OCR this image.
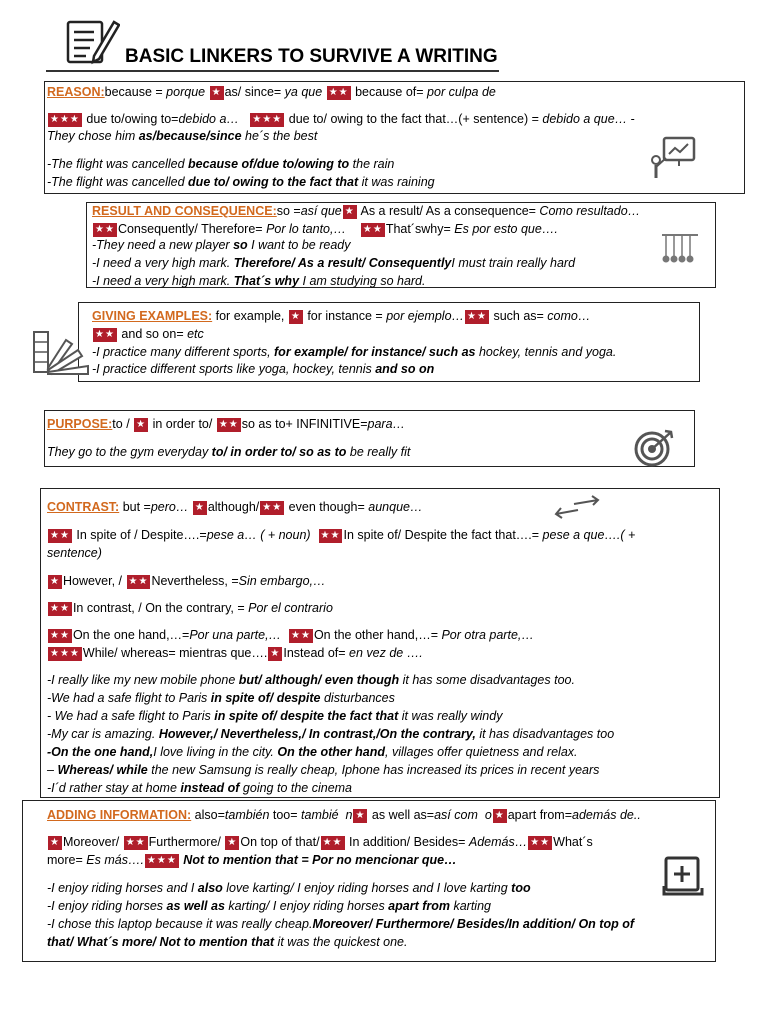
BASIC LINKERS TO SURVIVE A WRITING
REASON:because = porque ★ as/ since= ya que ★★ because of= por culpa de
★★★ due to/owing to=debido a… ★★★ due to/ owing to the fact that…(+ sentence) = debido a que… -
They chose him as/because/since he´s the best
-The flight was cancelled because of/due to/owing to the rain
-The flight was cancelled due to/ owing to the fact that it was raining
RESULT AND CONSEQUENCE:so =así que ★ As a result/ As a consequence= Como resultado…
★★ Consequently/ Therefore= Por lo tanto,… ★★ That´swhy= Es por esto que….
-They need a new player so I want to be ready
-I need a very high mark. Therefore/ As a result/ ConsequentlyI must train really hard
-I need a very high mark. That´s why I am studying so hard.
GIVING EXAMPLES: for example, ★ for instance = por ejemplo… ★★ such as= como…
★★ and so on= etc
-I practice many different sports, for example/ for instance/ such as hockey, tennis and yoga.
-I practice different sports like yoga, hockey, tennis and so on
PURPOSE:to / ★ in order to/ ★★ so as to+ INFINITIVE=para…
They go to the gym everyday to/ in order to/ so as to be really fit
CONTRAST: but =pero… ★ although/ ★★ even though= aunque…
★★ In spite of / Despite….=pese a… ( + noun) ★★ In spite of/ Despite the fact that….= pese a que….( +
sentence)
★ However, / ★★ Nevertheless, =Sin embargo,…
★★ In contrast, / On the contrary, = Por el contrario
★★ On the one hand,…=Por una parte,… ★★ On the other hand,…= Por otra parte,…
★★★ While/ whereas= mientras que…. ★ Instead of= en vez de ….
-I really like my new mobile phone but/ although/ even though it has some disadvantages too.
-We had a safe flight to Paris in spite of/ despite disturbances
- We had a safe flight to Paris in spite of/ despite the fact that it was really windy
-My car is amazing. However,/ Nevertheless,/ In contrast,/On the contrary, it has disadvantages too
-On the one hand,I love living in the city. On the other hand, villages offer quietness and relax.
– Whereas/ while the new Samsung is really cheap, Iphone has increased its prices in recent years
-I´d rather stay at home instead of going to the cinema
ADDING INFORMATION: also=también too= tambié n ★ as well as=así com o ★ apart from=además de..
★ Moreover/ ★★ Furthermore/ ★ On top of that/ ★★ In addition/ Besides= Además… ★★ What´s
more= Es más…. ★★★ Not to mention that = Por no mencionar que…
-I enjoy riding horses and I also love karting/ I enjoy riding horses and I love karting too
-I enjoy riding horses as well as karting/ I enjoy riding horses apart from karting
-I chose this laptop because it was really cheap.Moreover/ Furthermore/ Besides/In addition/ On top of
that/ What´s more/ Not to mention that it was the quickest one.
